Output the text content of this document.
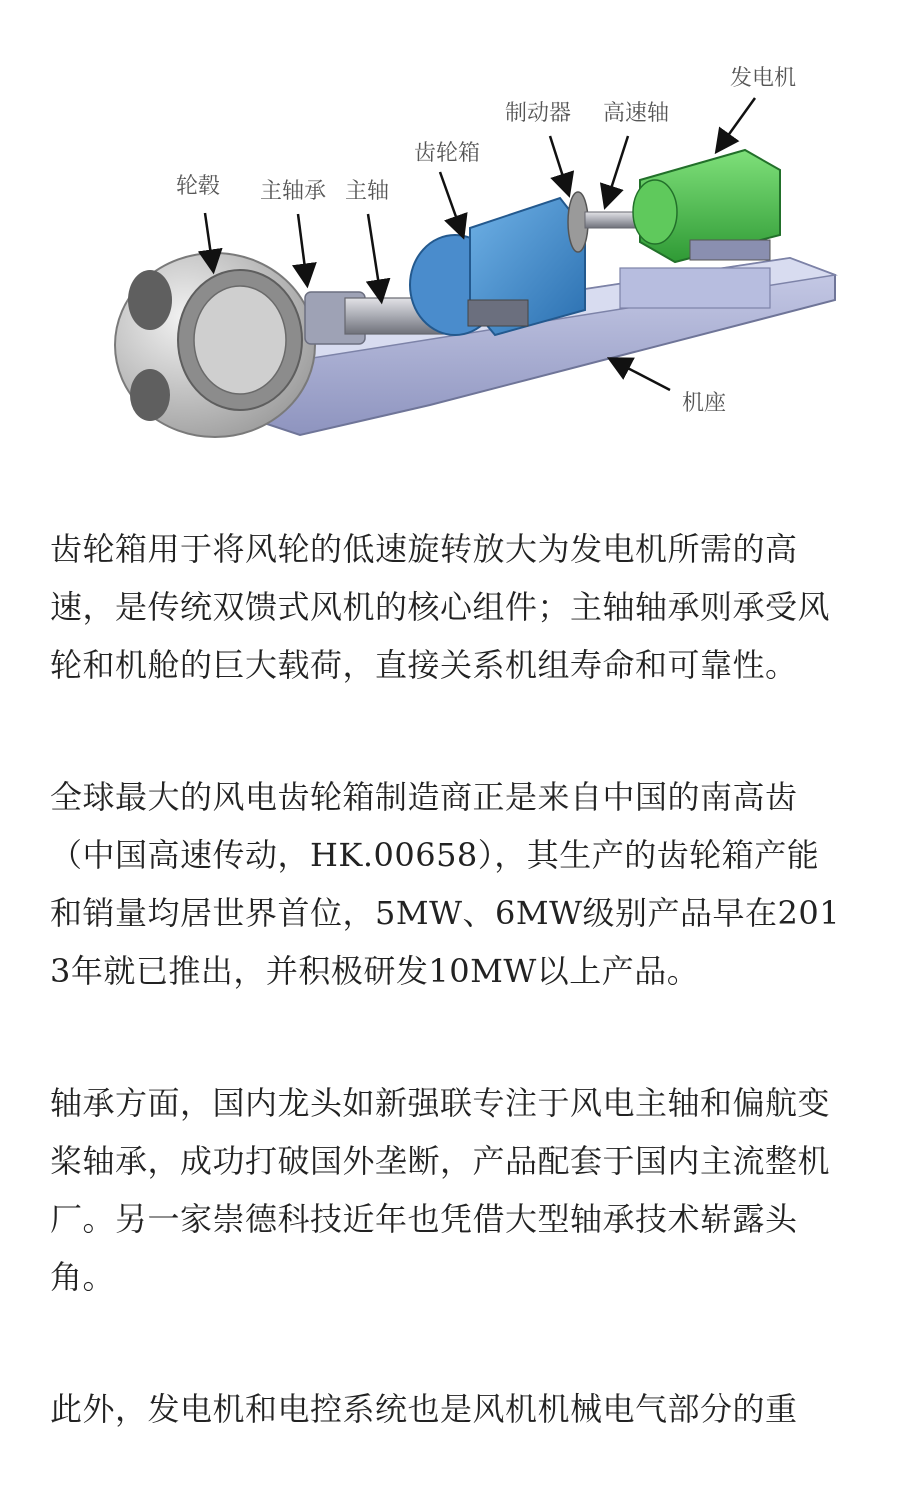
轮毂 主轴承 主轴
齿轮箱
制动器 高速轴
发电机
机座

齿轮箱用于将风轮的低速旋转放大为发电机所需的高速，是传统双馈式风机的核心组件；主轴轴承则承受风轮和机舱的巨大载荷，直接关系机组寿命和可靠性。

全球最大的风电齿轮箱制造商正是来自中国的南高齿（中国高速传动，HK.00658），其生产的齿轮箱产能和销量均居世界首位，5MW、6MW级别产品早在2013年就已推出，并积极研发10MW以上产品。

轴承方面，国内龙头如新强联专注于风电主轴和偏航变桨轴承，成功打破国外垄断，产品配套于国内主流整机厂。另一家崇德科技近年也凭借大型轴承技术崭露头角。

此外，发电机和电控系统也是风机机械电气部分的重
